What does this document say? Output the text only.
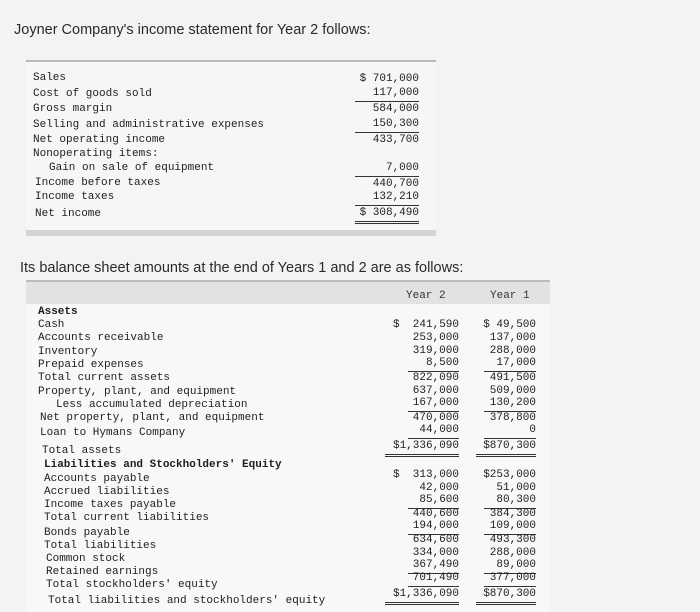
Joyner Company's income statement for Year 2 follows:
Sales
Cost of goods sold
Gross margin
Selling and administrative expenses
Net operating income
Nonoperating items:
Gain on sale of equipment
Income before taxes
Income taxes
Net income
$ 701,000
117,000
584,000
150,300
433,700
7,000
440,700
132,210
$ 308,490
Its balance sheet amounts at the end of Years 1 and 2 are as follows:
Year 2	Year 1
Assets
Cash
Accounts receivable
Inventory
Prepaid expenses
Total current assets
Property, plant, and equipment
Less accumulated depreciation
Net property, plant, and equipment
Loan to Hymans Company
Total assets
Liabilities and Stockholders' Equity
Accounts payable
Accrued liabilities
Income taxes payable
Total current liabilities
Bonds payable
Total liabilities
Common stock
Retained earnings
Total stockholders' equity
Total liabilities and stockholders' equity
$  241,590
253,000
319,000
8,500
822,090
637,000
167,000
470,000
44,000
$1,336,090
$  313,000
42,000
85,600
440,600
194,000
634,600
334,000
367,490
701,490
$1,336,090
$ 49,500
137,000
288,000
17,000
491,500
509,000
130,200
378,800
0
$870,300
$253,000
51,000
80,300
384,300
109,000
493,300
288,000
89,000
377,000
$870,300
